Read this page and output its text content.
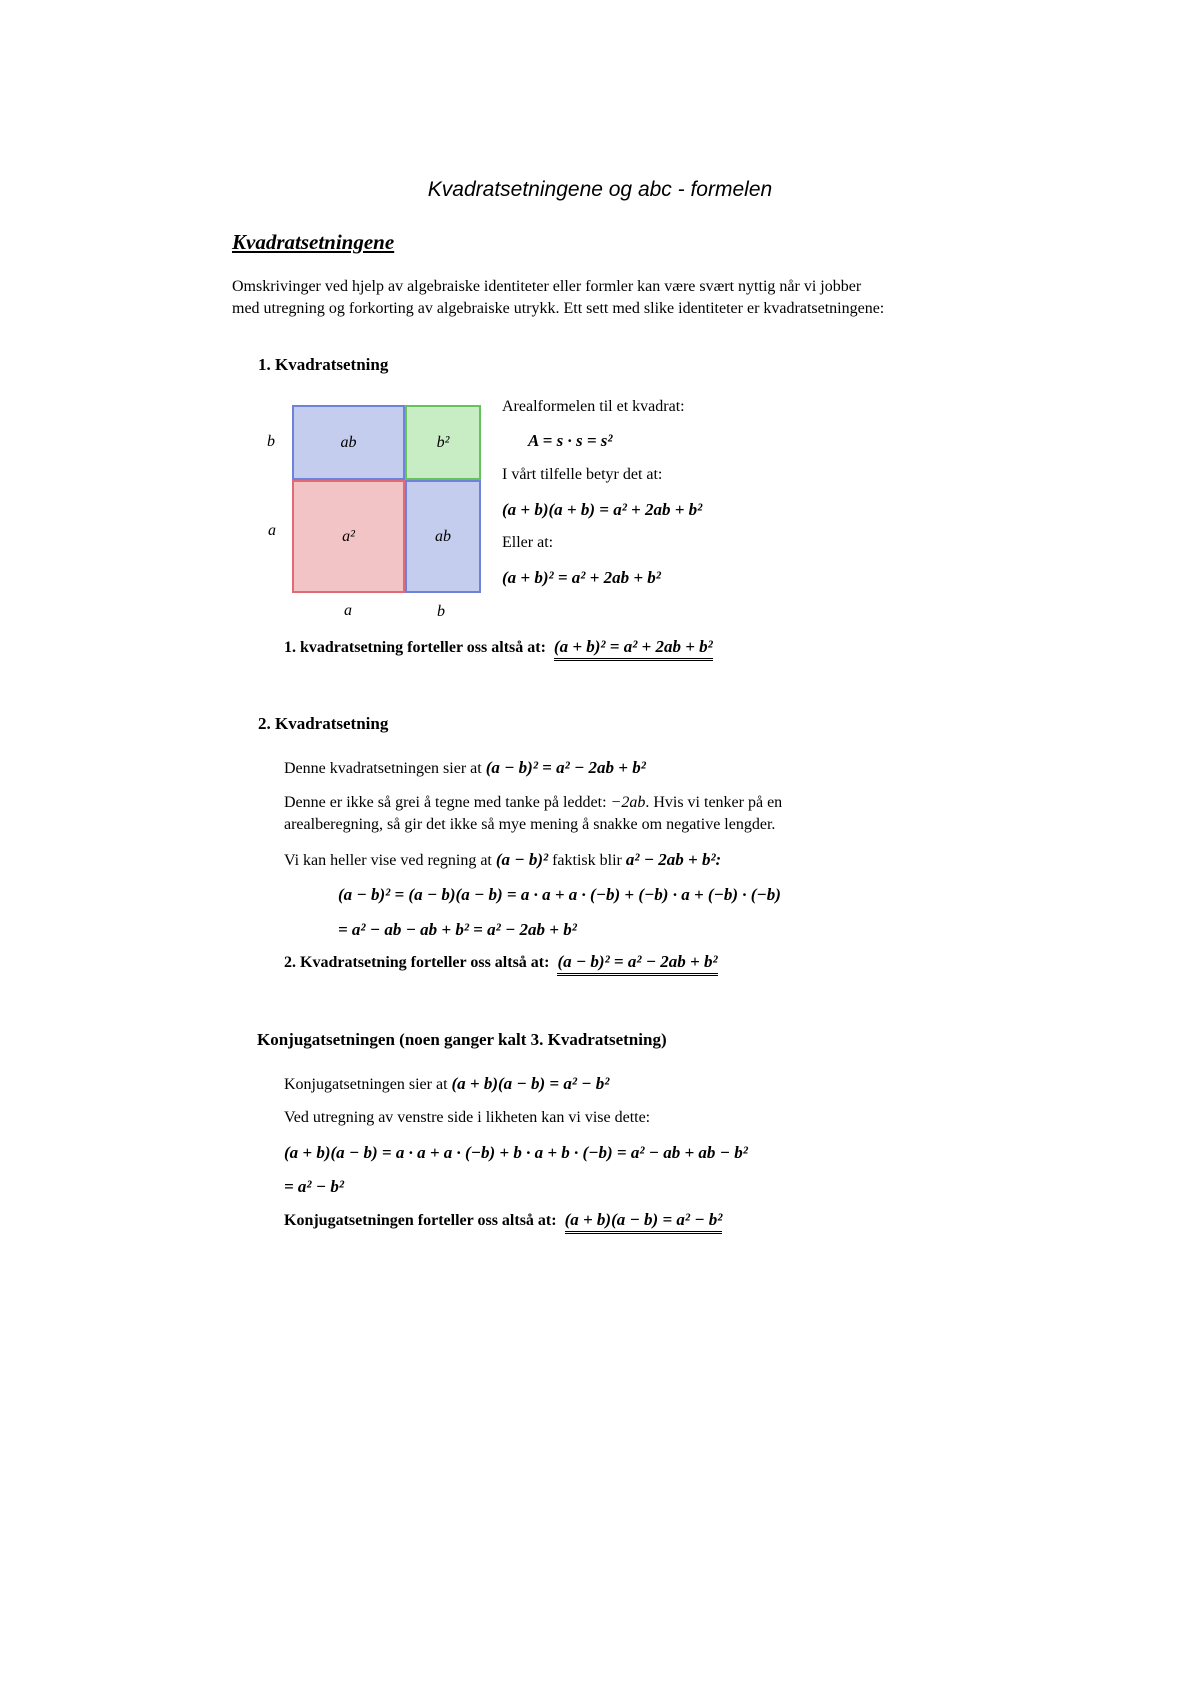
Kvadratsetningene og abc - formelen
Kvadratsetningene
Omskrivinger ved hjelp av algebraiske identiteter eller formler kan være svært nyttig når vi jobber med utregning og forkorting av algebraiske utrykk. Ett sett med slike identiteter er kvadratsetningene:
1. Kvadratsetning
ab	b²
a²	ab
b
a
a	b
Arealformelen til et kvadrat:
A = s · s = s²
I vårt tilfelle betyr det at:
(a + b)(a + b) = a² + 2ab + b²
Eller at:
(a + b)² = a² + 2ab + b²
1. kvadratsetning forteller oss altså at: (a + b)² = a² + 2ab + b²
2. Kvadratsetning
Denne kvadratsetningen sier at (a − b)² = a² − 2ab + b²
Denne er ikke så grei å tegne med tanke på leddet: −2ab. Hvis vi tenker på en arealberegning, så gir det ikke så mye mening å snakke om negative lengder.
Vi kan heller vise ved regning at (a − b)² faktisk blir a² − 2ab + b²:
(a − b)² = (a − b)(a − b) = a · a + a · (−b) + (−b) · a + (−b) · (−b)
= a² − ab − ab + b² = a² − 2ab + b²
2. Kvadratsetning forteller oss altså at: (a − b)² = a² − 2ab + b²
Konjugatsetningen (noen ganger kalt 3. Kvadratsetning)
Konjugatsetningen sier at (a + b)(a − b) = a² − b²
Ved utregning av venstre side i likheten kan vi vise dette:
(a + b)(a − b) = a · a + a · (−b) + b · a + b · (−b) = a² − ab + ab − b²
= a² − b²
Konjugatsetningen forteller oss altså at: (a + b)(a − b) = a² − b²
